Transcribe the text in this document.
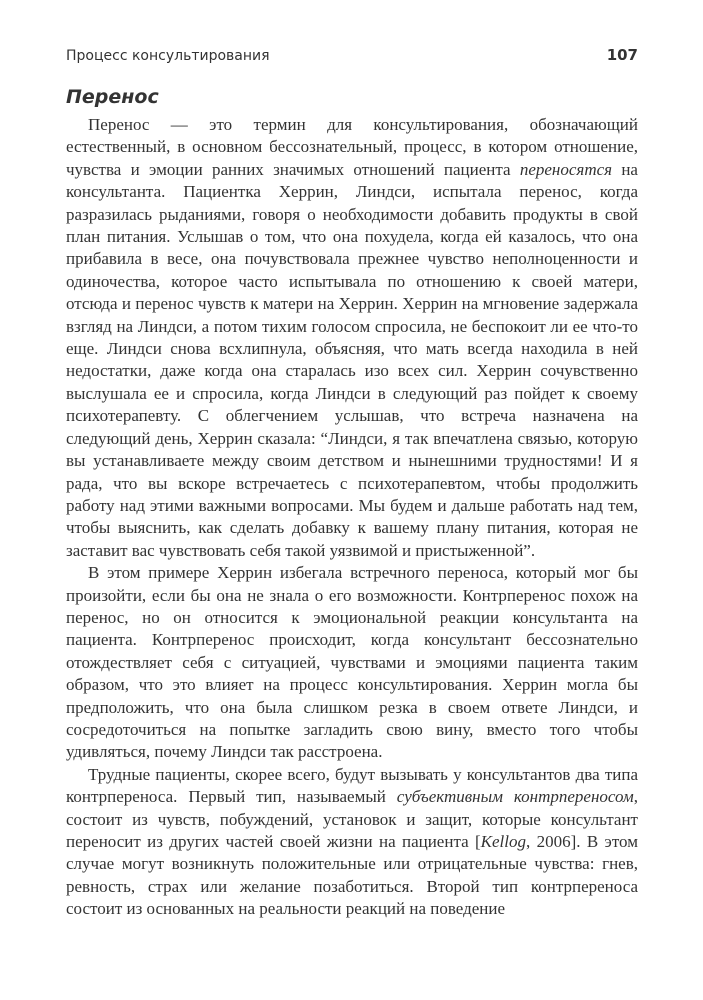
Процесс консультирования	107
Перенос

Перенос — это термин для консультирования, обозначающий естественный, в основном бессознательный, процесс, в котором отношение, чувства и эмоции ранних значимых отношений пациента переносятся на консультанта. Пациентка Херрин, Линдси, испытала перенос, когда разразилась рыданиями, говоря о необходимости добавить продукты в свой план питания. Услышав о том, что она похудела, когда ей казалось, что она прибавила в весе, она почувствовала прежнее чувство неполноценности и одиночества, которое часто испытывала по отношению к своей матери, отсюда и перенос чувств к матери на Херрин. Херрин на мгновение задержала взгляд на Линдси, а потом тихим голосом спросила, не беспокоит ли ее что-то еще. Линдси снова всхлипнула, объясняя, что мать всегда находила в ней недостатки, даже когда она старалась изо всех сил. Херрин сочувственно выслушала ее и спросила, когда Линдси в следующий раз пойдет к своему психотерапевту. С облегчением услышав, что встреча назначена на следующий день, Херрин сказала: “Линдси, я так впечатлена связью, которую вы устанавливаете между своим детством и нынешними трудностями! И я рада, что вы вскоре встречаетесь с психотерапевтом, чтобы продолжить работу над этими важными вопросами. Мы будем и дальше работать над тем, чтобы выяснить, как сделать добавку к вашему плану питания, которая не заставит вас чувствовать себя такой уязвимой и пристыженной”.

В этом примере Херрин избегала встречного переноса, который мог бы произойти, если бы она не знала о его возможности. Контрперенос похож на перенос, но он относится к эмоциональной реакции консультанта на пациента. Контрперенос происходит, когда консультант бессознательно отождествляет себя с ситуацией, чувствами и эмоциями пациента таким образом, что это влияет на процесс консультирования. Херрин могла бы предположить, что она была слишком резка в своем ответе Линдси, и сосредоточиться на попытке загладить свою вину, вместо того чтобы удивляться, почему Линдси так расстроена.

Трудные пациенты, скорее всего, будут вызывать у консультантов два типа контрпереноса. Первый тип, называемый субъективным контрпереносом, состоит из чувств, побуждений, установок и защит, которые консультант переносит из других частей своей жизни на пациента [Kellog, 2006]. В этом случае могут возникнуть положительные или отрицательные чувства: гнев, ревность, страх или желание позаботиться. Второй тип контрпереноса состоит из основанных на реальности реакций на поведение
